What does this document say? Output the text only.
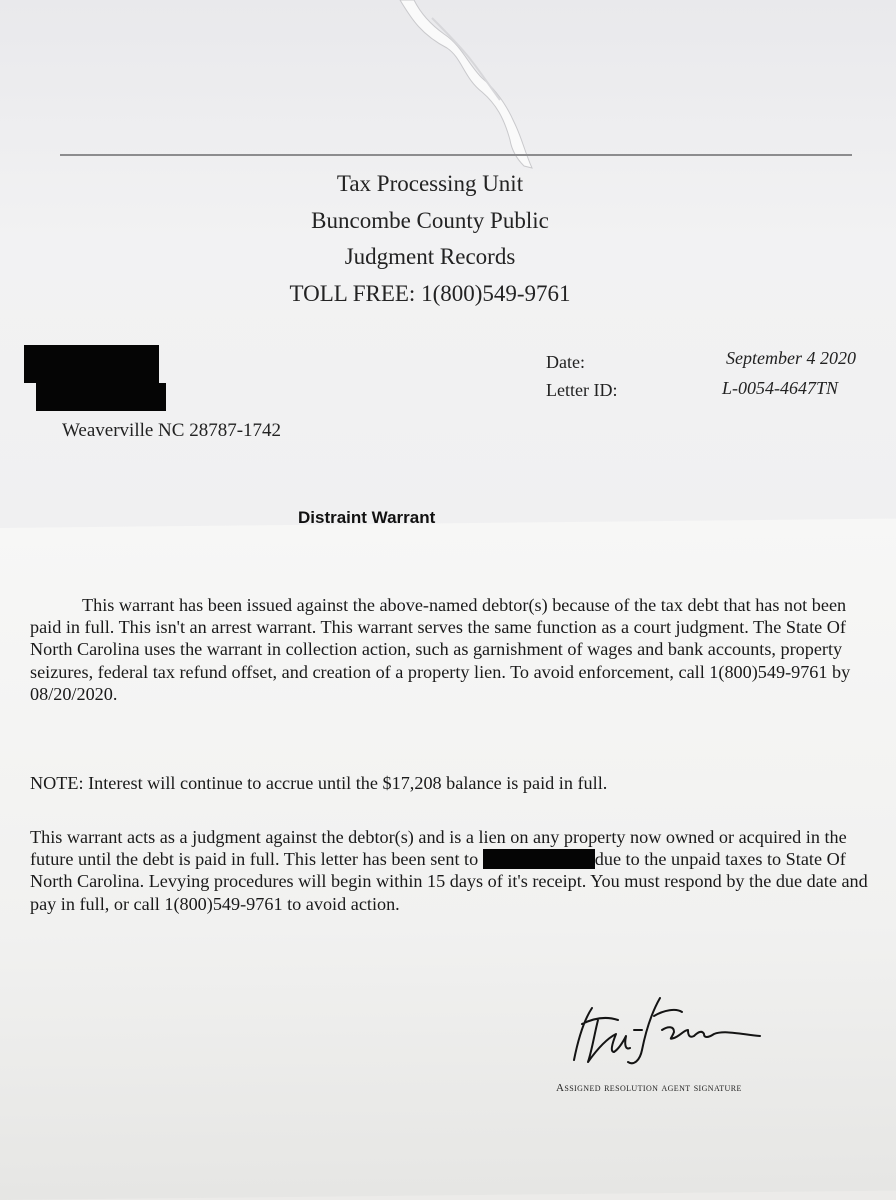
Tax Processing Unit
Buncombe County Public
Judgment Records
TOLL FREE: 1(800)549-9761
Weaverville NC 28787-1742
Date:	September 4 2020
Letter ID:	L-0054-4647TN
Distraint Warrant

This warrant has been issued against the above-named debtor(s) because of the tax debt that has not been paid in full. This isn't an arrest warrant. This warrant serves the same function as a court judgment. The State Of North Carolina uses the warrant in collection action, such as garnishment of wages and bank accounts, property seizures, federal tax refund offset, and creation of a property lien. To avoid enforcement, call 1(800)549-9761 by 08/20/2020.

NOTE: Interest will continue to accrue until the $17,208 balance is paid in full.

This warrant acts as a judgment against the debtor(s) and is a lien on any property now owned or acquired in the future until the debt is paid in full. This letter has been sent to	due to the unpaid taxes to State Of North Carolina. Levying procedures will begin within 15 days of it's receipt. You must respond by the due date and pay in full, or call 1(800)549-9761 to avoid action.

Assigned resolution agent signature
